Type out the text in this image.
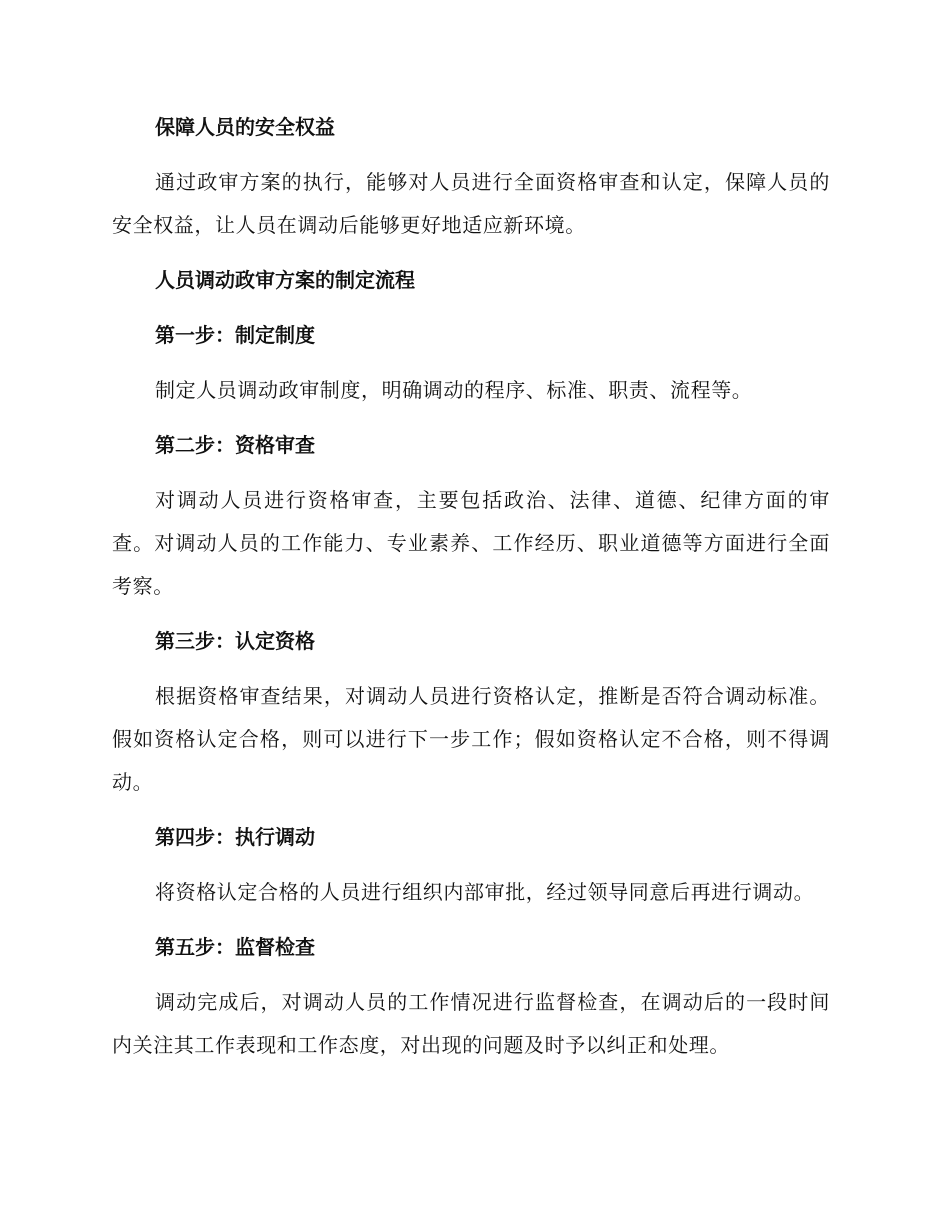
保障人员的安全权益

通过政审方案的执行，能够对人员进行全面资格审查和认定，保障人员的安全权益，让人员在调动后能够更好地适应新环境。

人员调动政审方案的制定流程
第一步：制定制度

制定人员调动政审制度，明确调动的程序、标准、职责、流程等。

第二步：资格审查

对调动人员进行资格审查，主要包括政治、法律、道德、纪律方面的审查。对调动人员的工作能力、专业素养、工作经历、职业道德等方面进行全面考察。

第三步：认定资格

根据资格审查结果，对调动人员进行资格认定，推断是否符合调动标准。假如资格认定合格，则可以进行下一步工作；假如资格认定不合格，则不得调动。

第四步：执行调动

将资格认定合格的人员进行组织内部审批，经过领导同意后再进行调动。

第五步：监督检查

调动完成后，对调动人员的工作情况进行监督检查，在调动后的一段时间内关注其工作表现和工作态度，对出现的问题及时予以纠正和处理。
